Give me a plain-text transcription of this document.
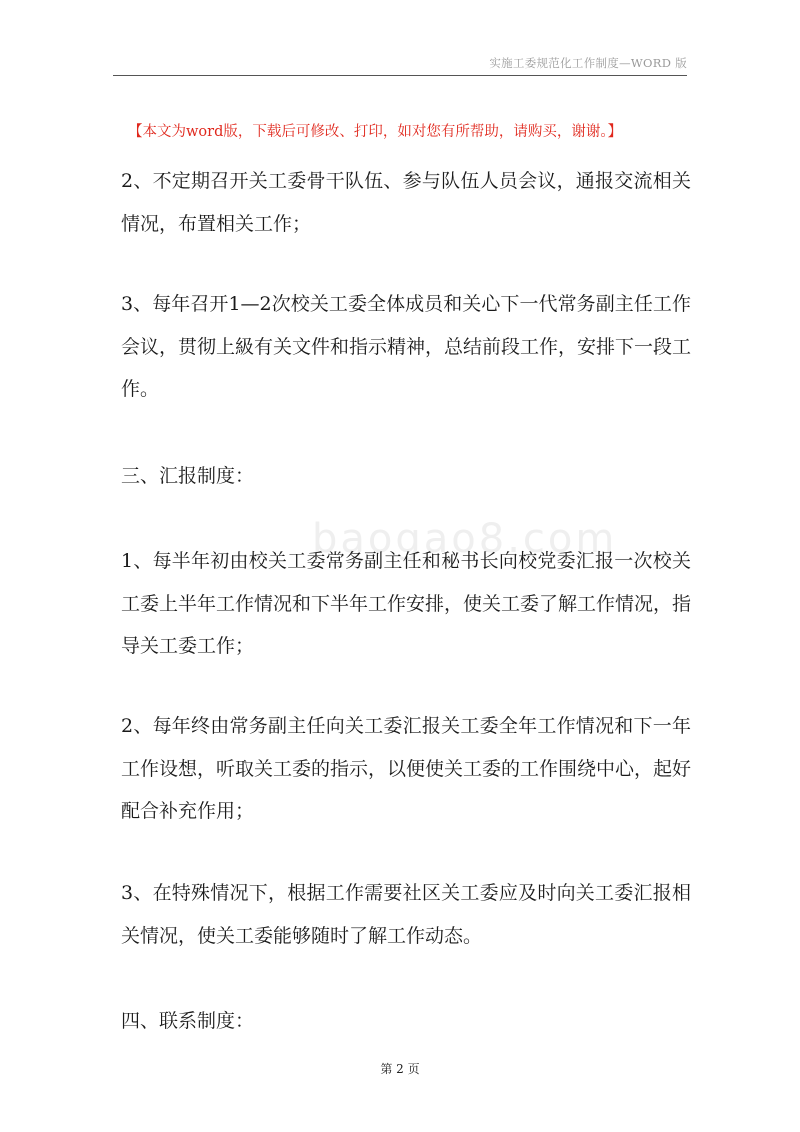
实施工委规范化工作制度—WORD 版
【本文为word版，下载后可修改、打印，如对您有所帮助，请购买，谢谢。】
baogao8.com
2、不定期召开关工委骨干队伍、参与队伍人员会议，通报交流相关情况，布置相关工作；
3、每年召开1—2次校关工委全体成员和关心下一代常务副主任工作会议，贯彻上級有关文件和指示精神，总结前段工作，安排下一段工作。
三、汇报制度：
1、每半年初由校关工委常务副主任和秘书长向校党委汇报一次校关工委上半年工作情况和下半年工作安排，使关工委了解工作情况，指导关工委工作；
2、每年终由常务副主任向关工委汇报关工委全年工作情况和下一年工作设想，听取关工委的指示，以便使关工委的工作围绕中心，起好配合补充作用；
3、在特殊情况下，根据工作需要社区关工委应及时向关工委汇报相关情况，使关工委能够随时了解工作动态。
四、联系制度：
第 2 页
